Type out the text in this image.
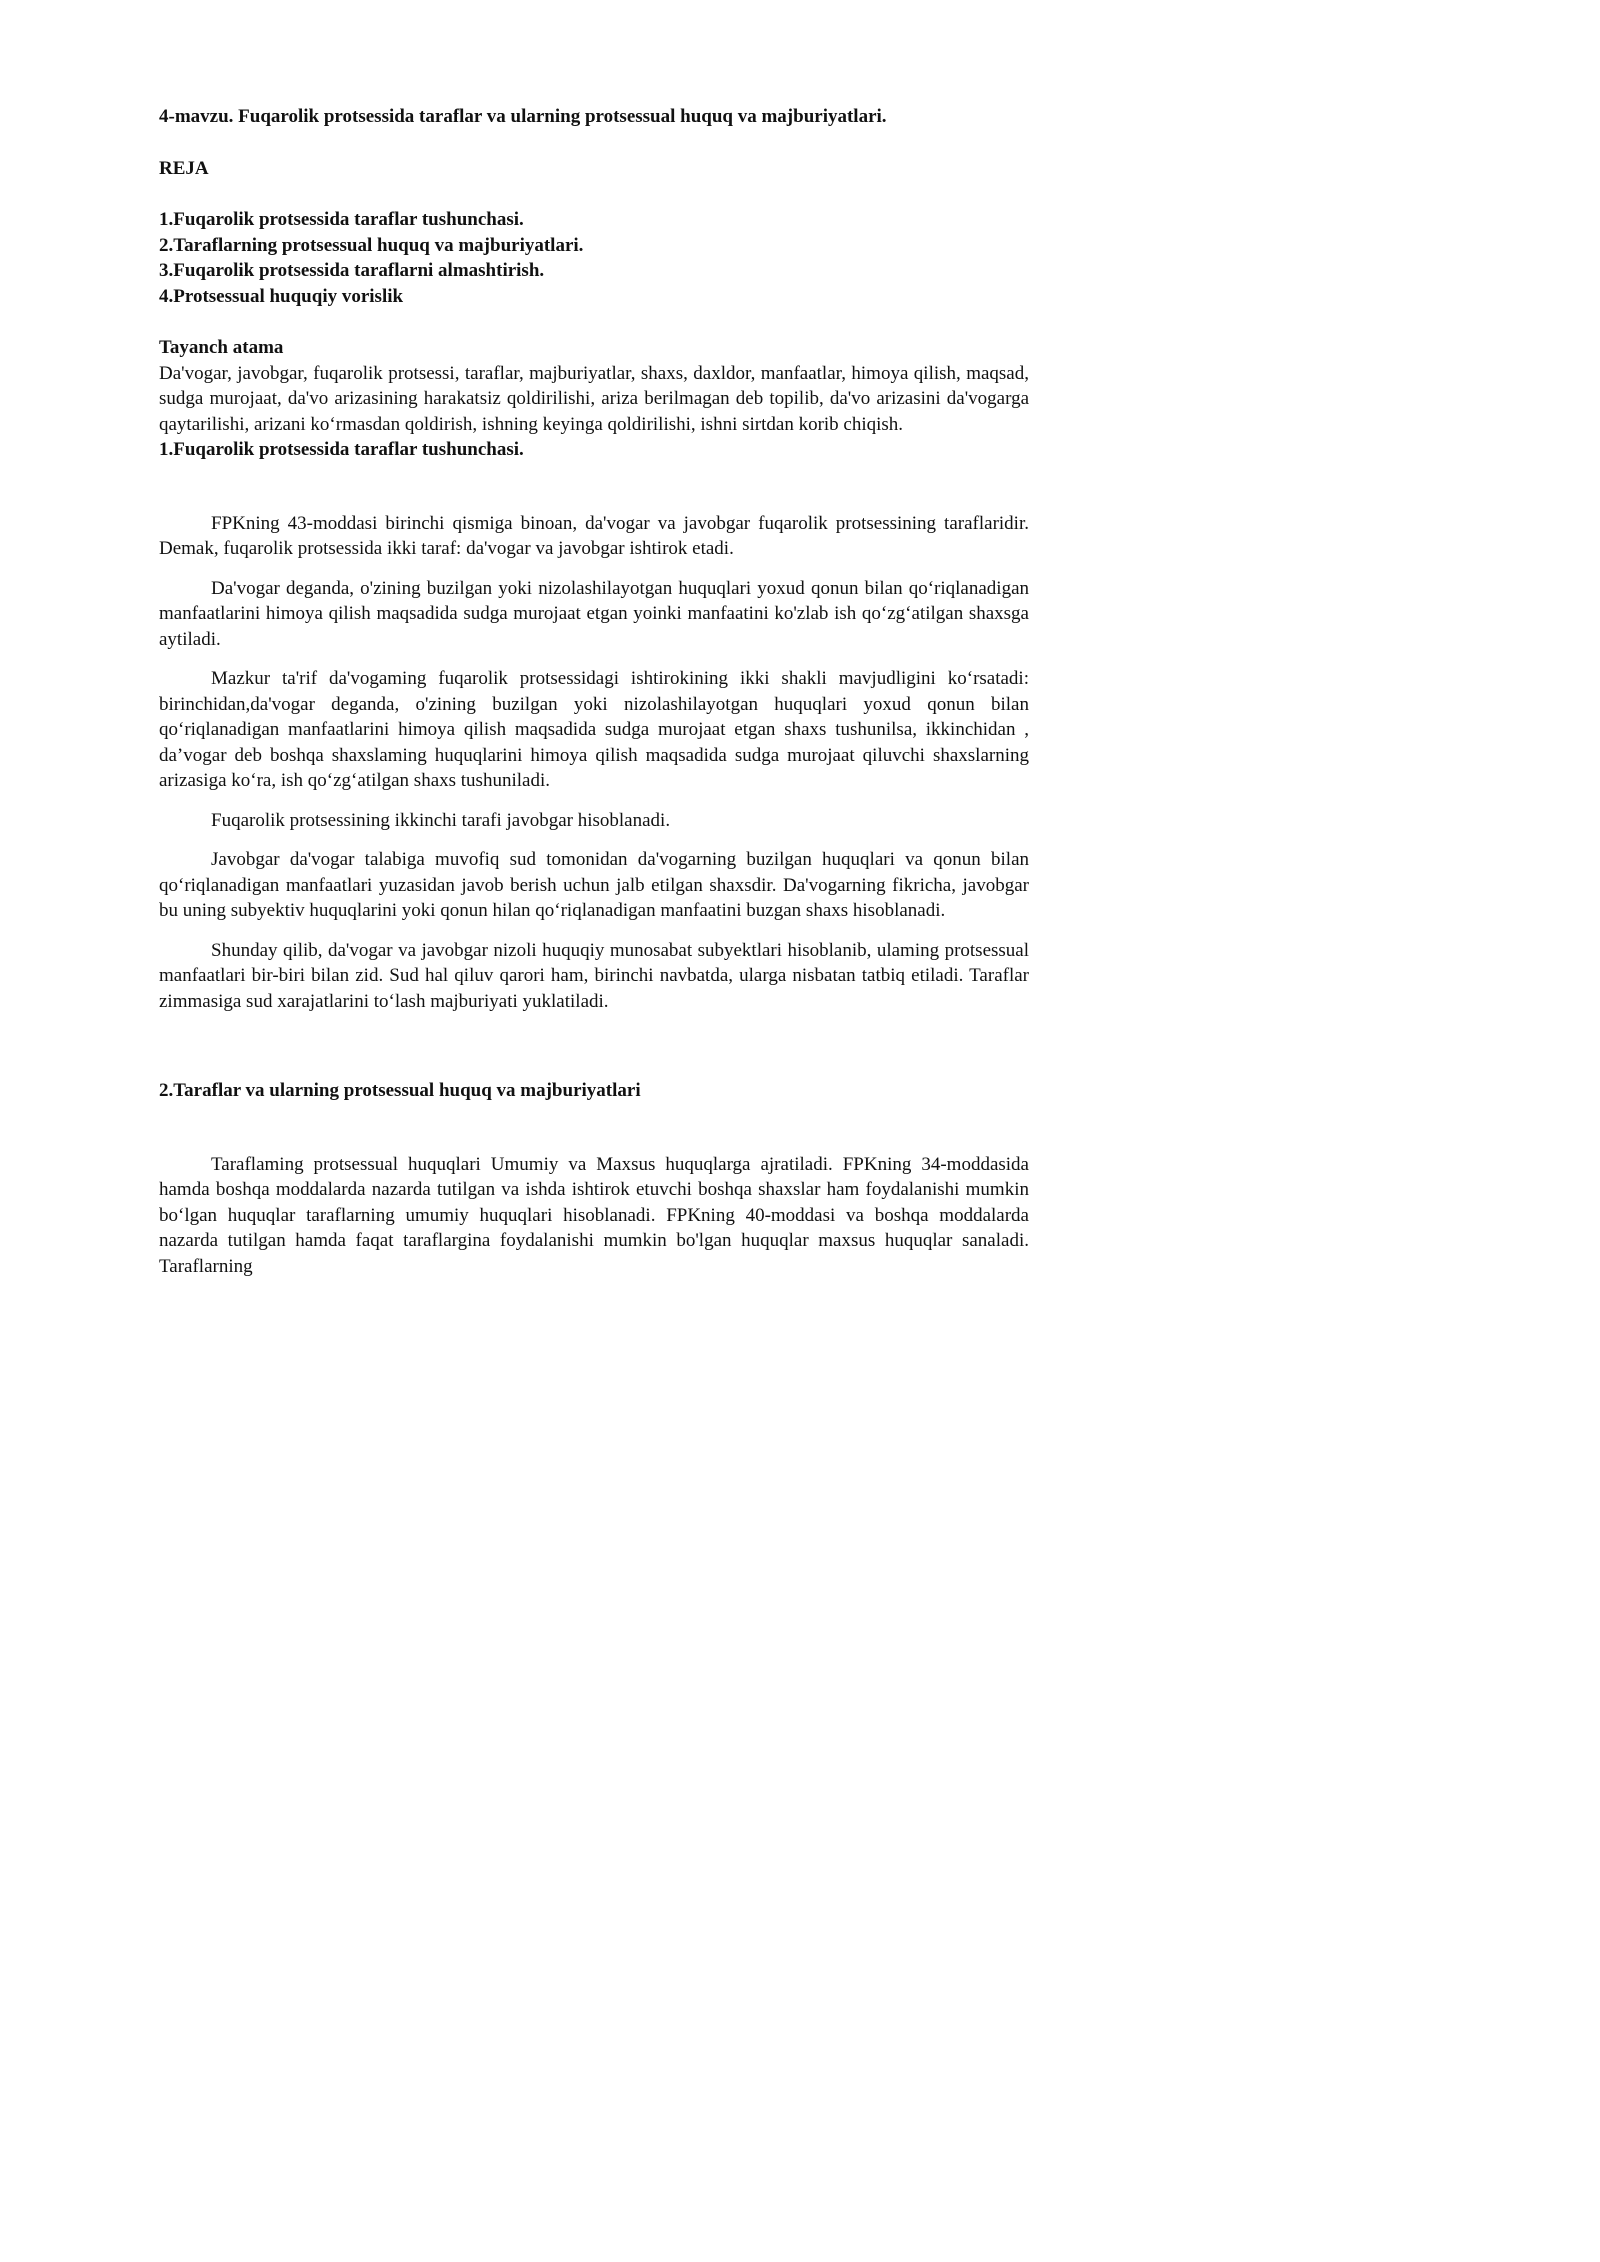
4-mavzu. Fuqarolik protsessida taraflar va ularning protsessual huquq va majburiyatlari.

REJA

1.Fuqarolik protsessida taraflar tushunchasi.
2.Taraflarning protsessual huquq va majburiyatlari.
3.Fuqarolik protsessida taraflarni almashtirish.
4.Protsessual huquqiy vorislik

Tayanch atama

Da'vogar, javobgar, fuqarolik protsessi, taraflar, majburiyatlar, shaxs, daxldor, manfaatlar, himoya qilish, maqsad, sudga murojaat, da'vo arizasining harakatsiz qoldirilishi, ariza berilmagan deb topilib, da'vo arizasini da'vogarga qaytarilishi, arizani ko‘rmasdan qoldirish, ishning keyinga qoldirilishi, ishni sirtdan korib chiqish.

1.Fuqarolik protsessida taraflar tushunchasi.

FPKning 43-moddasi birinchi qismiga binoan, da'vogar va javobgar fuqarolik protsessining taraflaridir. Demak, fuqarolik protsessida ikki taraf: da'vogar va javobgar ishtirok etadi.

Da'vogar deganda, o'zining buzilgan yoki nizolashilayotgan huquqlari yoxud qonun bilan qo‘riqlanadigan manfaatlarini himoya qilish maqsadida sudga murojaat etgan yoinki manfaatini ko'zlab ish qo‘zg‘atilgan shaxsga aytiladi.

Mazkur ta'rif da'vogaming fuqarolik protsessidagi ishtirokining ikki shakli mavjudligini ko‘rsatadi: birinchidan,da'vogar deganda, o'zining buzilgan yoki nizolashilayotgan huquqlari yoxud qonun bilan qo‘riqlanadigan manfaatlarini himoya qilish maqsadida sudga murojaat etgan shaxs tushunilsa, ikkinchidan , da’vogar deb boshqa shaxslaming huquqlarini himoya qilish maqsadida sudga murojaat qiluvchi shaxslarning arizasiga ko‘ra, ish qo‘zg‘atilgan shaxs tushuniladi.

Fuqarolik protsessining ikkinchi tarafi javobgar hisoblanadi.

Javobgar da'vogar talabiga muvofiq sud tomonidan da'vogarning buzilgan huquqlari va qonun bilan qo‘riqlanadigan manfaatlari yuzasidan javob berish uchun jalb etilgan shaxsdir. Da'vogarning fikricha, javobgar bu uning subyektiv huquqlarini yoki qonun hilan qo‘riqlanadigan manfaatini buzgan shaxs hisoblanadi.

Shunday qilib, da'vogar va javobgar nizoli huquqiy munosabat subyektlari hisoblanib, ulaming protsessual manfaatlari bir-biri bilan zid. Sud hal qiluv qarori ham, birinchi navbatda, ularga nisbatan tatbiq etiladi. Taraflar zimmasiga sud xarajatlarini to‘lash majburiyati yuklatiladi.

2.Taraflar va ularning protsessual huquq va majburiyatlari

Taraflaming protsessual huquqlari Umumiy va Maxsus huquqlarga ajratiladi. FPKning 34-moddasida hamda boshqa moddalarda nazarda tutilgan va ishda ishtirok etuvchi boshqa shaxslar ham foydalanishi mumkin bo‘lgan huquqlar taraflarning umumiy huquqlari hisoblanadi. FPKning 40-moddasi va boshqa moddalarda nazarda tutilgan hamda faqat taraflargina foydalanishi mumkin bo'lgan huquqlar maxsus huquqlar sanaladi. Taraflarning
